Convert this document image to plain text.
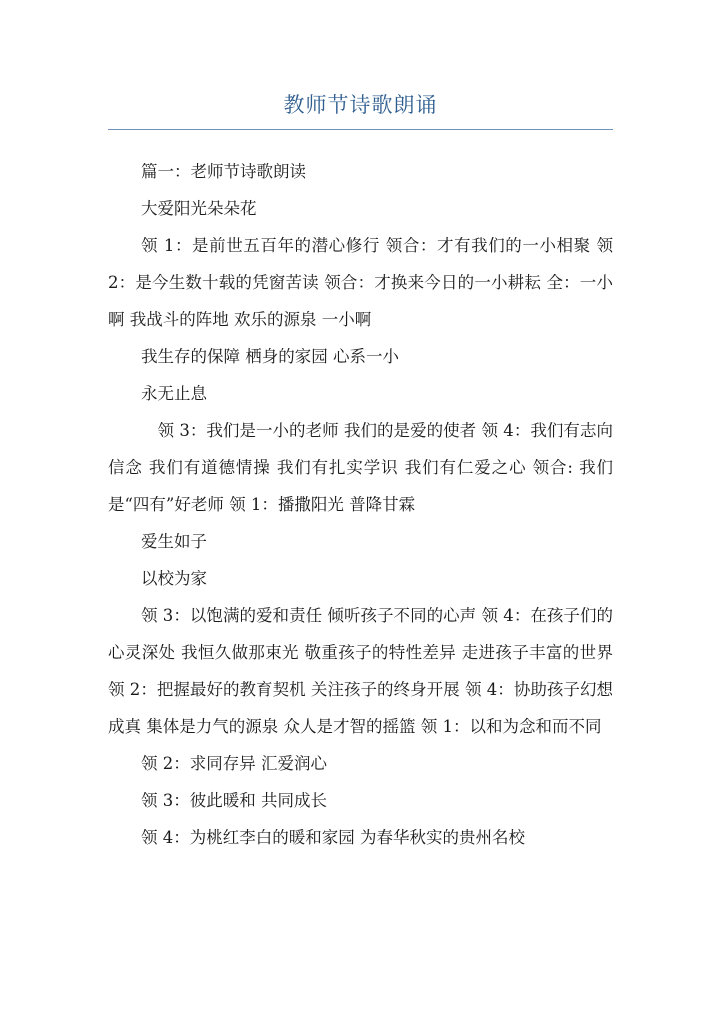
教师节诗歌朗诵

篇一：老师节诗歌朗读

大爱阳光朵朵花

领 1：是前世五百年的潜心修行 领合：才有我们的一小相聚 领 2：是今生数十载的凭窗苦读 领合：才换来今日的一小耕耘 全：一小啊 我战斗的阵地 欢乐的源泉 一小啊

我生存的保障 栖身的家园 心系一小

永无止息

领 3：我们是一小的老师 我们的是爱的使者 领 4：我们有志向信念 我们有道德情操 我们有扎实学识 我们有仁爱之心 领合: 我们是“四有”好老师 领 1：播撒阳光 普降甘霖

爱生如子

以校为家

领 3：以饱满的爱和责任 倾听孩子不同的心声 领 4：在孩子们的心灵深处 我恒久做那束光 敬重孩子的特性差异 走进孩子丰富的世界 领 2：把握最好的教育契机 关注孩子的终身开展 领 4：协助孩子幻想成真 集体是力气的源泉 众人是才智的摇篮 领 1：以和为念和而不同

领 2：求同存异 汇爱润心

领 3：彼此暖和 共同成长

领 4：为桃红李白的暖和家园 为春华秋实的贵州名校
